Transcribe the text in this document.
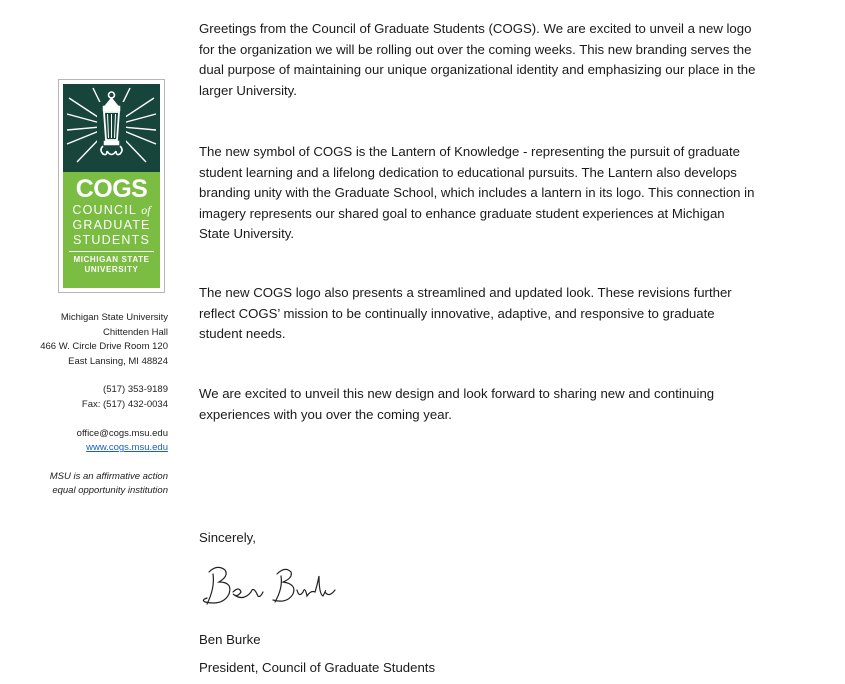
COGS
COUNCIL of
GRADUATE
STUDENTS
MICHIGAN STATE
UNIVERSITY

Michigan State University

Chittenden Hall

466 W. Circle Drive Room 120

East Lansing, MI 48824

(517) 353-9189

Fax: (517) 432-0034

office@cogs.msu.edu

www.cogs.msu.edu

MSU is an affirmative action

equal opportunity institution

Greetings from the Council of Graduate Students (COGS). We are excited to unveil a new logo for the organization we will be rolling out over the coming weeks. This new branding serves the dual purpose of maintaining our unique organizational identity and emphasizing our place in the larger University.
The new symbol of COGS is the Lantern of Knowledge - representing the pursuit of graduate student learning and a lifelong dedication to educational pursuits. The Lantern also develops branding unity with the Graduate School, which includes a lantern in its logo. This connection in imagery represents our shared goal to enhance graduate student experiences at Michigan State University.
The new COGS logo also presents a streamlined and updated look. These revisions further reflect COGS’ mission to be continually innovative, adaptive, and responsive to graduate student needs.
We are excited to unveil this new design and look forward to sharing new and continuing experiences with you over the coming year.
Sincerely,
Ben Burke
President, Council of Graduate Students
